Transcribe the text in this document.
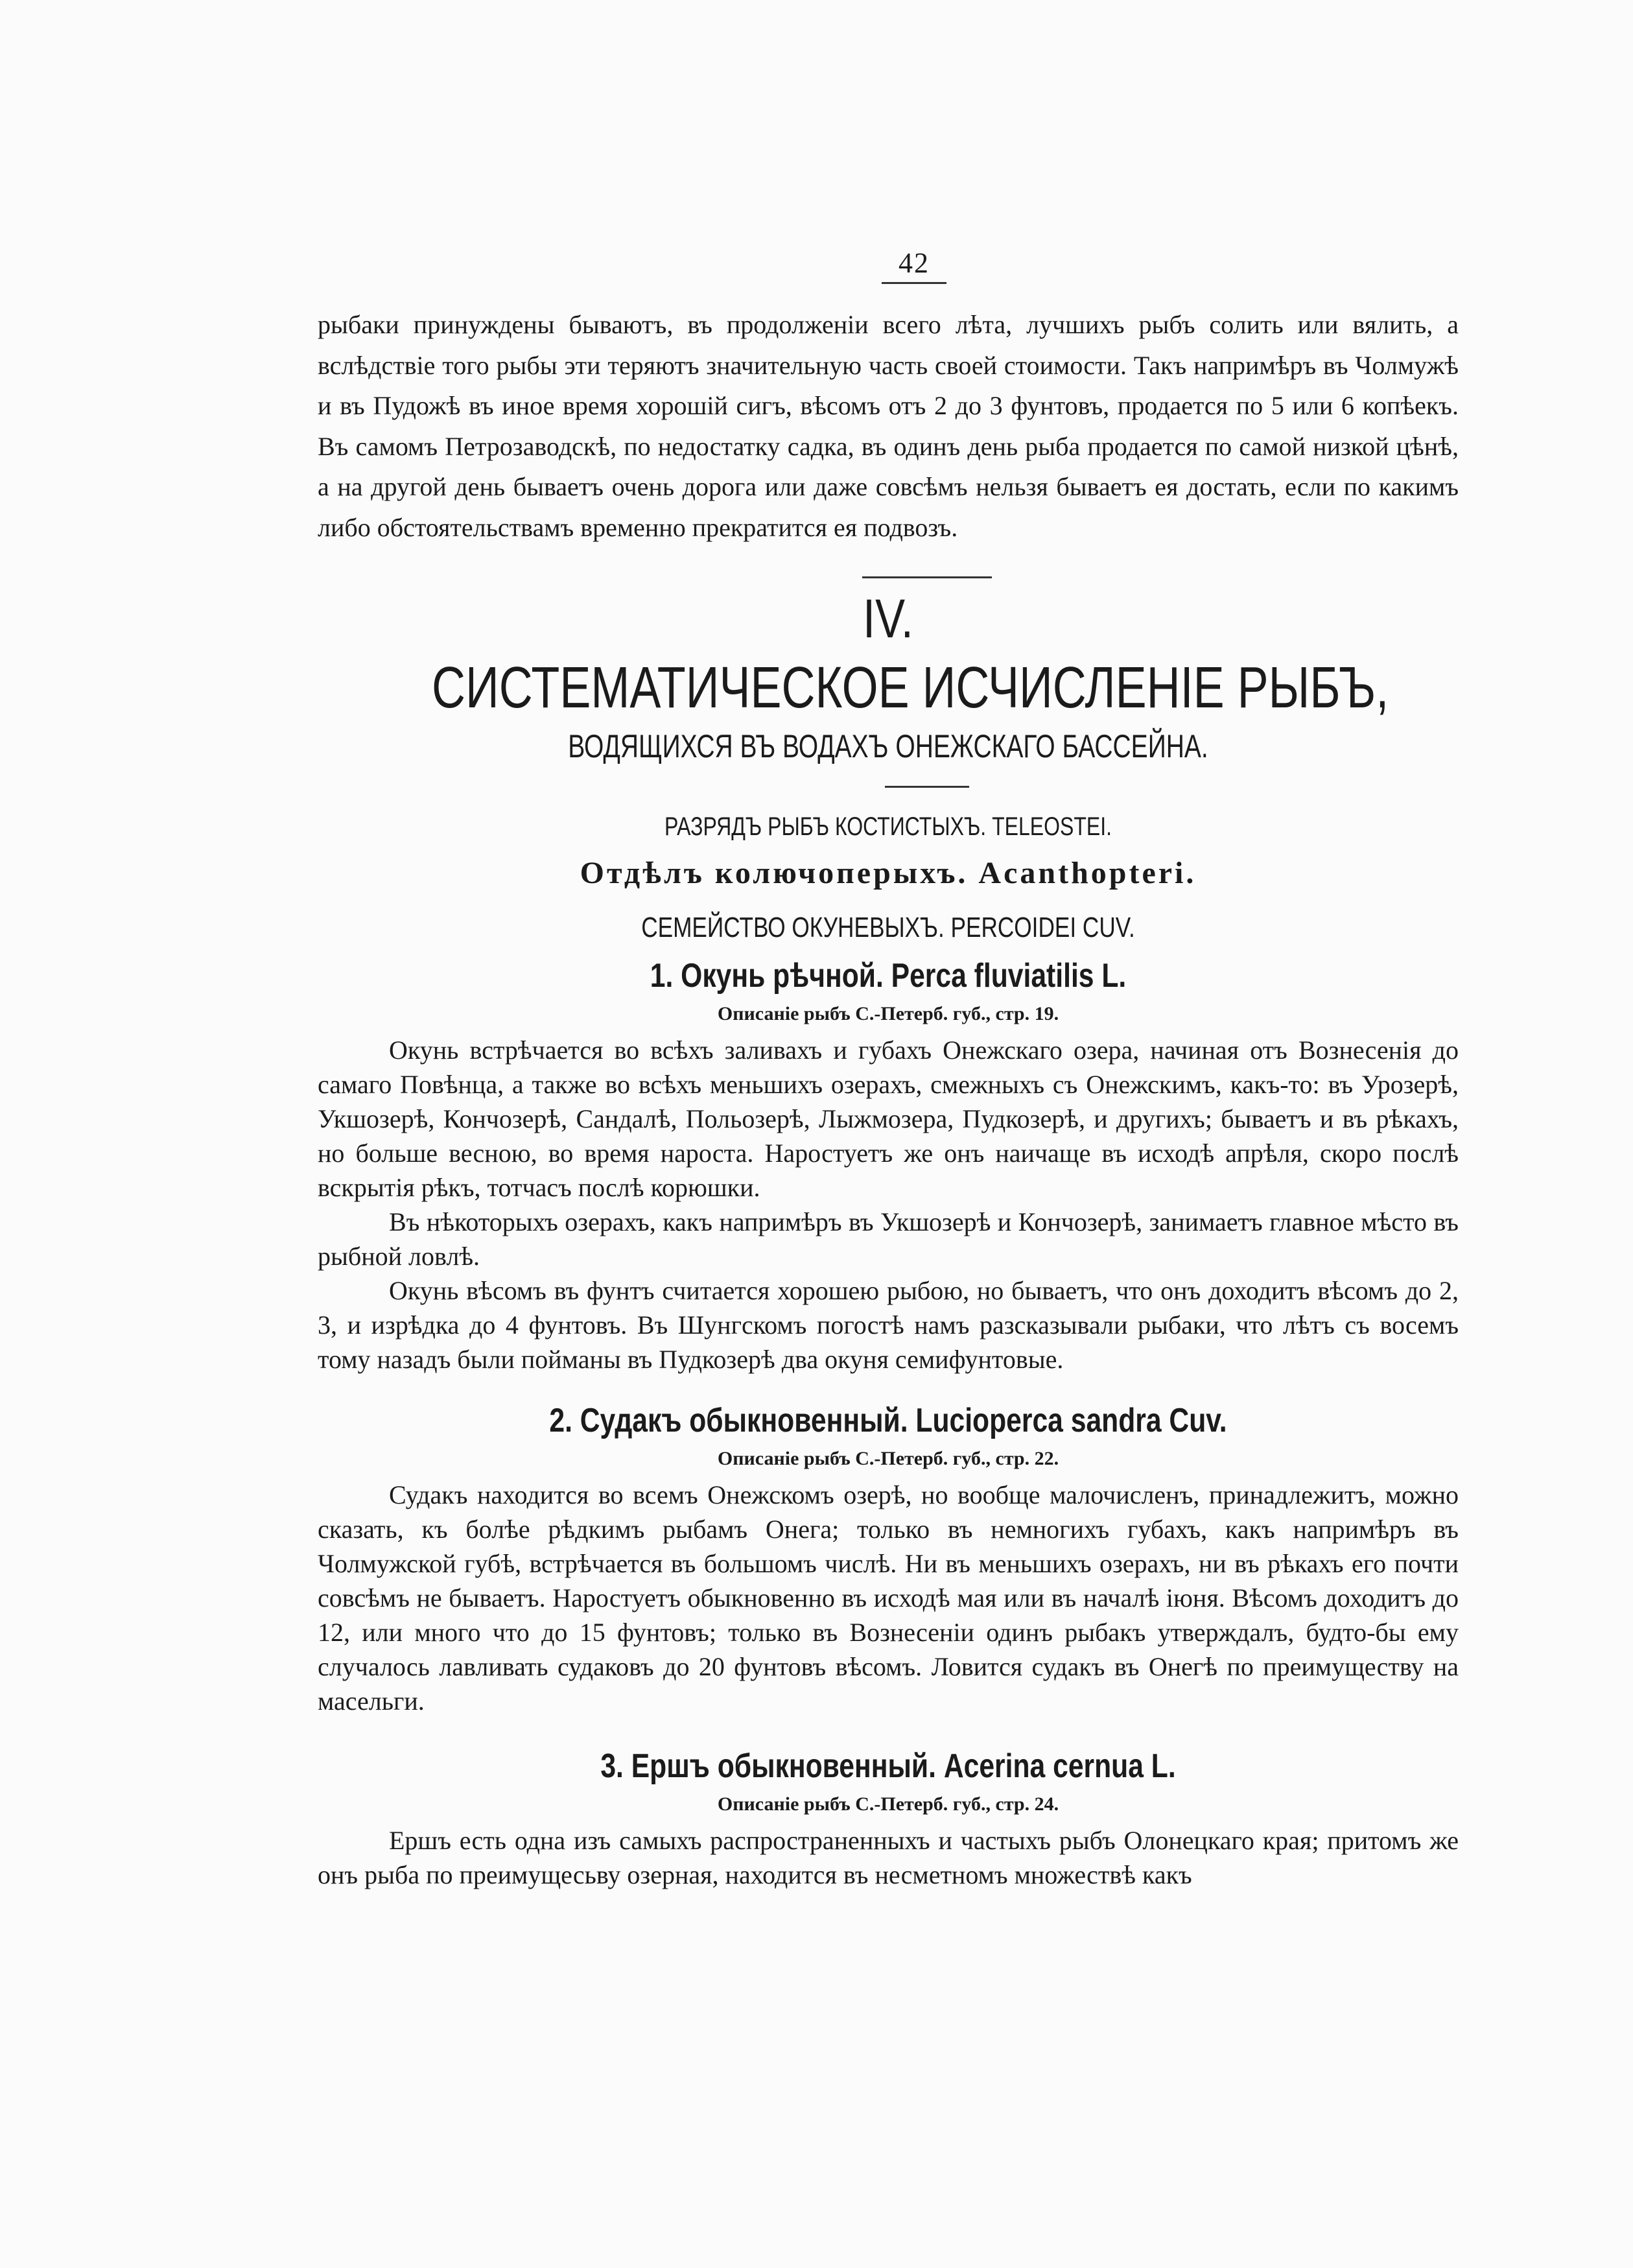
42

рыбаки принуждены бываютъ, въ продолженіи всего лѣта, лучшихъ рыбъ солить или вялить, а вслѣдствіе того рыбы эти теряютъ значительную часть своей стоимости. Такъ напримѣръ въ Чолмужѣ и въ Пудожѣ въ иное время хорошій сигъ, вѣсомъ отъ 2 до 3 фунтовъ, продается по 5 или 6 копѣекъ. Въ самомъ Петрозаводскѣ, по недостатку садка, въ одинъ день рыба продается по самой низкой цѣнѣ, а на другой день бываетъ очень дорога или даже совсѣмъ нельзя бываетъ ея достать, если по какимъ либо обстоятельствамъ временно прекратится ея подвозъ.

IV.
СИСТЕМАТИЧЕСКОЕ ИСЧИСЛЕНІЕ РЫБЪ,
ВОДЯЩИХСЯ ВЪ ВОДАХЪ ОНЕЖСКАГО БАССЕЙНА.
РАЗРЯДЪ РЫБЪ КОСТИСТЫХЪ. TELEOSTEI.
Отдѣлъ колючоперыхъ. Acanthopteri.
СЕМЕЙСТВО ОКУНЕВЫХЪ. PERCOIDEI CUV.
1. Окунь рѣчной. Perca fluviatilis L.
Описаніе рыбъ С.-Петерб. губ., стр. 19.

Окунь встрѣчается во всѣхъ заливахъ и губахъ Онежскаго озера, начиная отъ Вознесенія до самаго Повѣнца, а также во всѣхъ меньшихъ озерахъ, смежныхъ съ Онежскимъ, какъ-то: въ Урозерѣ, Укшозерѣ, Кончозерѣ, Сандалѣ, Польозерѣ, Лыжмозера, Пудкозерѣ, и другихъ; бываетъ и въ рѣкахъ, но больше весною, во время нароста. Наростуетъ же онъ наичаще въ исходѣ апрѣля, скоро послѣ вскрытія рѣкъ, тотчасъ послѣ корюшки.

Въ нѣкоторыхъ озерахъ, какъ напримѣръ въ Укшозерѣ и Кончозерѣ, занимаетъ главное мѣсто въ рыбной ловлѣ.

Окунь вѣсомъ въ фунтъ считается хорошею рыбою, но бываетъ, что онъ доходитъ вѣсомъ до 2, 3, и изрѣдка до 4 фунтовъ. Въ Шунгскомъ погостѣ намъ разсказывали рыбаки, что лѣтъ съ восемъ тому назадъ были пойманы въ Пудкозерѣ два окуня семифунтовые.

2. Судакъ обыкновенный. Lucioperca sandra Cuv.
Описаніе рыбъ С.-Петерб. губ., стр. 22.

Судакъ находится во всемъ Онежскомъ озерѣ, но вообще малочисленъ, принадлежитъ, можно сказать, къ болѣе рѣдкимъ рыбамъ Онега; только въ немногихъ губахъ, какъ напримѣръ въ Чолмужской губѣ, встрѣчается въ большомъ числѣ. Ни въ меньшихъ озерахъ, ни въ рѣкахъ его почти совсѣмъ не бываетъ. Наростуетъ обыкновенно въ исходѣ мая или въ началѣ іюня. Вѣсомъ доходитъ до 12, или много что до 15 фунтовъ; только въ Вознесеніи одинъ рыбакъ утверждалъ, будто-бы ему случалось лавливать судаковъ до 20 фунтовъ вѣсомъ. Ловится судакъ въ Онегѣ по преимуществу на масельги.

3. Ершъ обыкновенный. Acerina cernua L.
Описаніе рыбъ С.-Петерб. губ., стр. 24.

Ершъ есть одна изъ самыхъ распространенныхъ и частыхъ рыбъ Олонецкаго края; притомъ же онъ рыба по преимущесьву озерная, находится въ несметномъ множествѣ какъ
